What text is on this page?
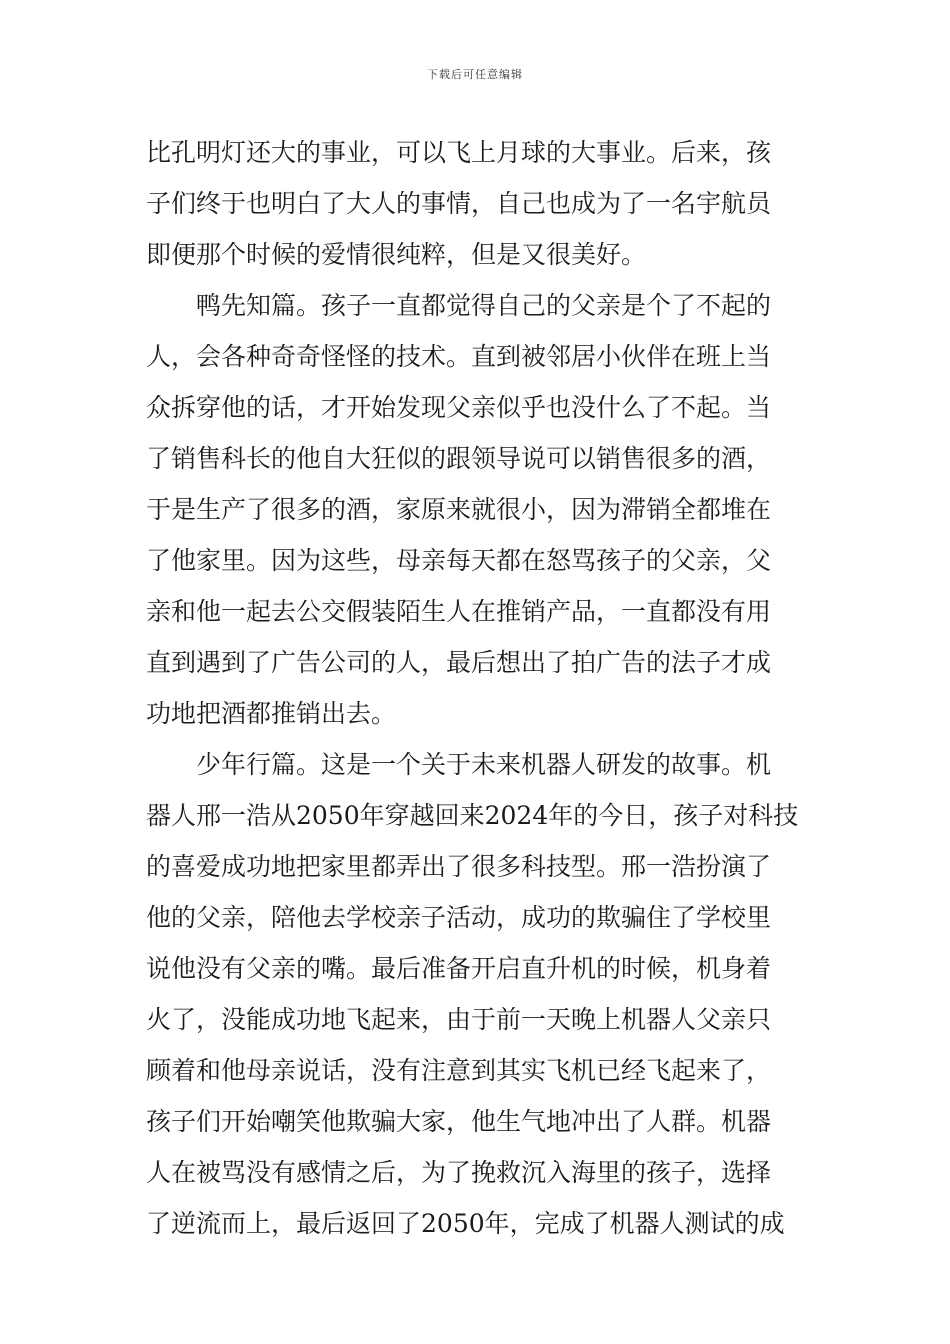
下载后可任意编辑
比孔明灯还大的事业，可以飞上月球的大事业。后来，孩
子们终于也明白了大人的事情，自己也成为了一名宇航员
即便那个时候的爱情很纯粹，但是又很美好。
鸭先知篇。孩子一直都觉得自己的父亲是个了不起的
人，会各种奇奇怪怪的技术。直到被邻居小伙伴在班上当
众拆穿他的话，才开始发现父亲似乎也没什么了不起。当
了销售科长的他自大狂似的跟领导说可以销售很多的酒，
于是生产了很多的酒，家原来就很小，因为滞销全都堆在
了他家里。因为这些，母亲每天都在怒骂孩子的父亲，父
亲和他一起去公交假装陌生人在推销产品，一直都没有用
直到遇到了广告公司的人，最后想出了拍广告的法子才成
功地把酒都推销出去。
少年行篇。这是一个关于未来机器人研发的故事。机
器人邢一浩从2050年穿越回来2024年的今日，孩子对科技
的喜爱成功地把家里都弄出了很多科技型。邢一浩扮演了
他的父亲，陪他去学校亲子活动，成功的欺骗住了学校里
说他没有父亲的嘴。最后准备开启直升机的时候，机身着
火了，没能成功地飞起来，由于前一天晚上机器人父亲只
顾着和他母亲说话，没有注意到其实飞机已经飞起来了，
孩子们开始嘲笑他欺骗大家，他生气地冲出了人群。机器
人在被骂没有感情之后，为了挽救沉入海里的孩子，选择
了逆流而上，最后返回了2050年，完成了机器人测试的成
